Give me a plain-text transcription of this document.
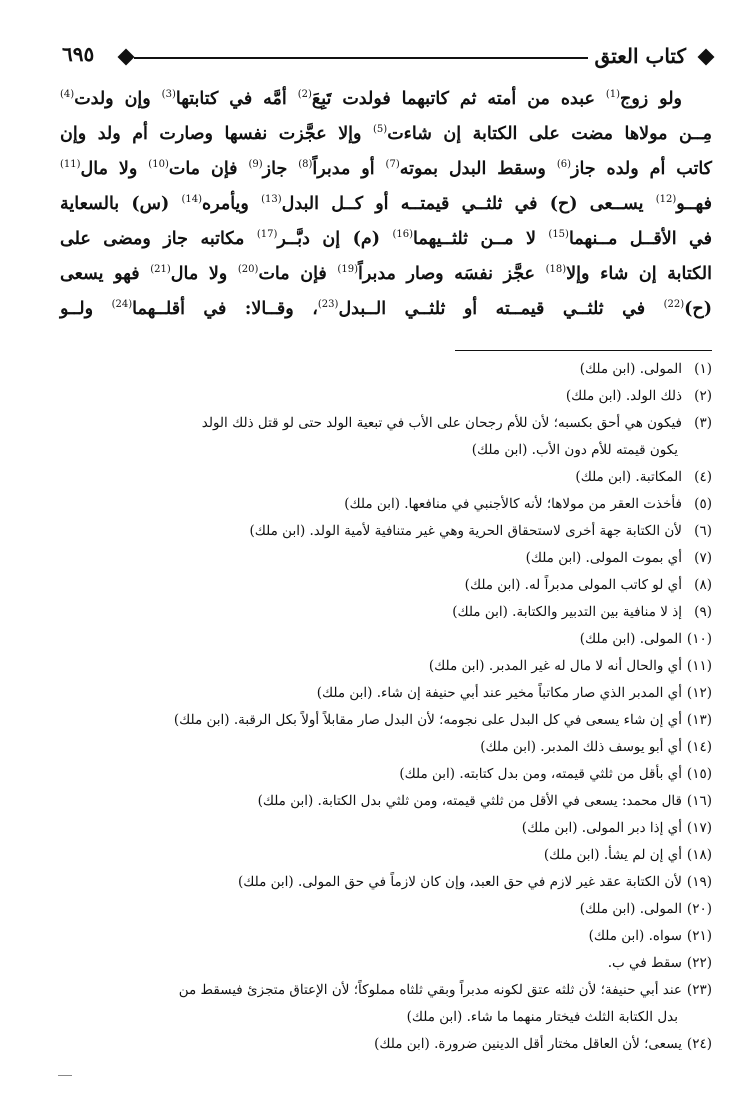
كتاب العتق
٦٩٥
ولو زوج$^{(1)}$ عبده من أمته ثم كاتبهما فولدت تَبِعَ$^{(2)}$ أمَّه في كتابتها$^{(3)}$ وإن ولدت$^{(4)}$
مِــن مولاها مضت على الكتابة إن شاءت$^{(5)}$ وإلا عجَّزت نفسها وصارت أم ولد وإن
كاتب أم ولده جاز$^{(6)}$ وسقط البدل بموته$^{(7)}$ أو مدبراً$^{(8)}$ جاز$^{(9)}$ فإن مات$^{(10)}$ ولا مال$^{(11)}$
فهــو$^{(12)}$ يســعى (ح) في ثلثــي قيمتــه أو كــل البدل$^{(13)}$ ويأمره$^{(14)}$ (س) بالسعاية
في الأقــل مــنهما$^{(15)}$ لا مــن ثلثــيهما$^{(16)}$ (م) إن دبَّــر$^{(17)}$ مكاتبه جاز ومضى على
الكتابة إن شاء وإلا$^{(18)}$ عجَّز نفسَه وصار مدبراً$^{(19)}$ فإن مات$^{(20)}$ ولا مال$^{(21)}$ فهو يسعى
(ح)$^{(22)}$ في ثلثــي قيمــته أو ثلثــي الــبدل$^{(23)}$، وقــالا: في أقلــهما$^{(24)}$ ولــو
(١)المولى. (ابن ملك)
(٢)ذلك الولد. (ابن ملك)
(٣)فيكون هي أحق بكسبه؛ لأن للأم رجحان على الأب في تبعية الولد حتى لو قتل ذلك الولد
يكون قيمته للأم دون الأب. (ابن ملك)
(٤)المكاتبة. (ابن ملك)
(٥)فأخذت العقر من مولاها؛ لأنه كالأجنبي في منافعها. (ابن ملك)
(٦)لأن الكتابة جهة أخرى لاستحقاق الحرية وهي غير متنافية لأمية الولد. (ابن ملك)
(٧)أي بموت المولى. (ابن ملك)
(٨)أي لو كاتب المولى مدبراً له. (ابن ملك)
(٩)إذ لا منافية بين التدبير والكتابة. (ابن ملك)
(١٠)المولى. (ابن ملك)
(١١)أي والحال أنه لا مال له غير المدبر. (ابن ملك)
(١٢)أي المدبر الذي صار مكاتباً مخير عند أبي حنيفة إن شاء. (ابن ملك)
(١٣)أي إن شاء يسعى في كل البدل على نجومه؛ لأن البدل صار مقابلاً أولاً بكل الرقبة. (ابن ملك)
(١٤)أي أبو يوسف ذلك المدبر. (ابن ملك)
(١٥)أي بأقل من ثلثي قيمته، ومن بدل كتابته. (ابن ملك)
(١٦)قال محمد: يسعى في الأقل من ثلثي قيمته، ومن ثلثي بدل الكتابة. (ابن ملك)
(١٧)أي إذا دبر المولى. (ابن ملك)
(١٨)أي إن لم يشأ. (ابن ملك)
(١٩)لأن الكتابة عقد غير لازم في حق العبد، وإن كان لازماً في حق المولى. (ابن ملك)
(٢٠)المولى. (ابن ملك)
(٢١)سواه. (ابن ملك)
(٢٢)سقط في ب.
(٢٣)عند أبي حنيفة؛ لأن ثلثه عتق لكونه مدبراً وبقي ثلثاه مملوكاً؛ لأن الإعتاق متجزئ فيسقط من
بدل الكتابة الثلث فيختار منهما ما شاء. (ابن ملك)
(٢٤)يسعى؛ لأن العاقل مختار أقل الدينين ضرورة. (ابن ملك)
